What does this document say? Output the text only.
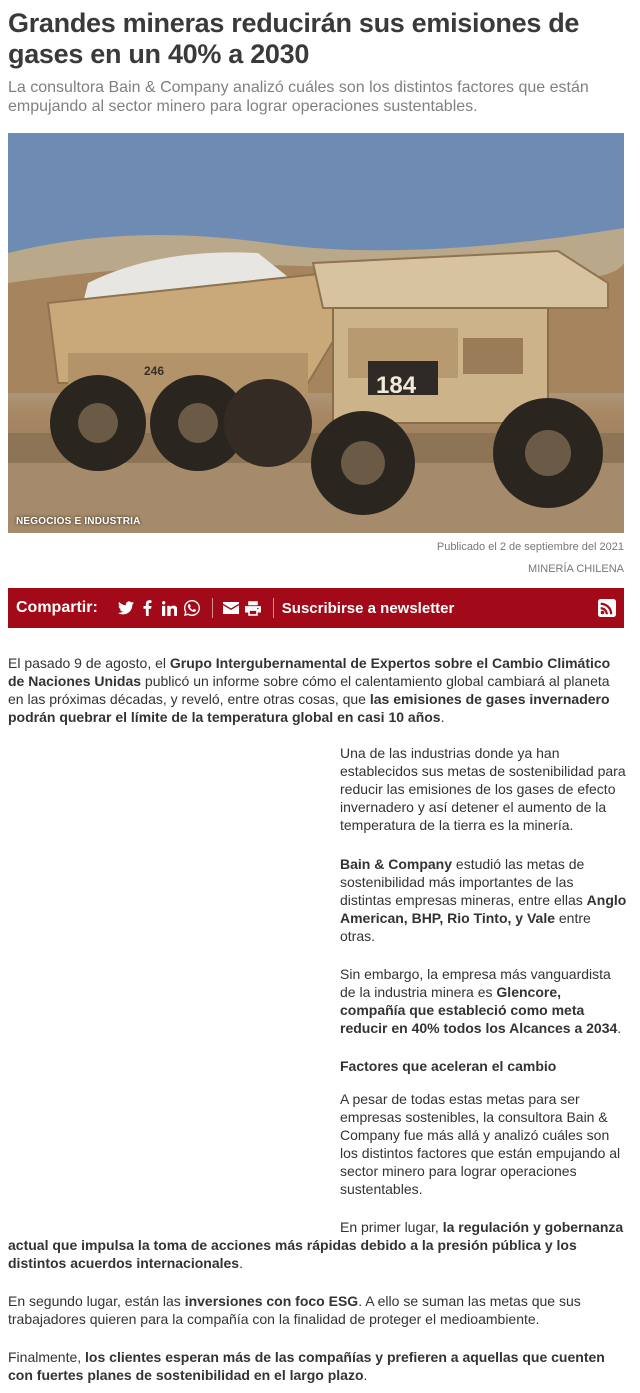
Grandes mineras reducirán sus emisiones de gases en un 40% a 2030

La consultora Bain & Company analizó cuáles son los distintos factores que están empujando al sector minero para lograr operaciones sustentables.

246
184
NEGOCIOS E INDUSTRIA
Publicado el 2 de septiembre del 2021
MINERÍA CHILENA
Compartir:	Suscribirse a newsletter

El pasado 9 de agosto, el Grupo Intergubernamental de Expertos sobre el Cambio Climático de Naciones Unidas publicó un informe sobre cómo el calentamiento global cambiará al planeta en las próximas décadas, y reveló, entre otras cosas, que las emisiones de gases invernadero podrán quebrar el límite de la temperatura global en casi 10 años.

Una de las industrias donde ya han establecidos sus metas de sostenibilidad para reducir las emisiones de los gases de efecto invernadero y así detener el aumento de la temperatura de la tierra es la minería.

Bain & Company estudió las metas de sostenibilidad más importantes de las distintas empresas mineras, entre ellas Anglo American, BHP, Rio Tinto, y Vale entre otras.

Sin embargo, la empresa más vanguardista de la industria minera es Glencore, compañía que estableció como meta reducir en 40% todos los Alcances a 2034.

Factores que aceleran el cambio

A pesar de todas estas metas para ser empresas sostenibles, la consultora Bain & Company fue más allá y analizó cuáles son los distintos factores que están empujando al sector minero para lograr operaciones sustentables.

En primer lugar, la regulación y gobernanza actual que impulsa la toma de acciones más rápidas debido a la presión pública y los distintos acuerdos internacionales.

En segundo lugar, están las inversiones con foco ESG. A ello se suman las metas que sus trabajadores quieren para la compañía con la finalidad de proteger el medioambiente.

Finalmente, los clientes esperan más de las compañías y prefieren a aquellas que cuenten con fuertes planes de sostenibilidad en el largo plazo.
